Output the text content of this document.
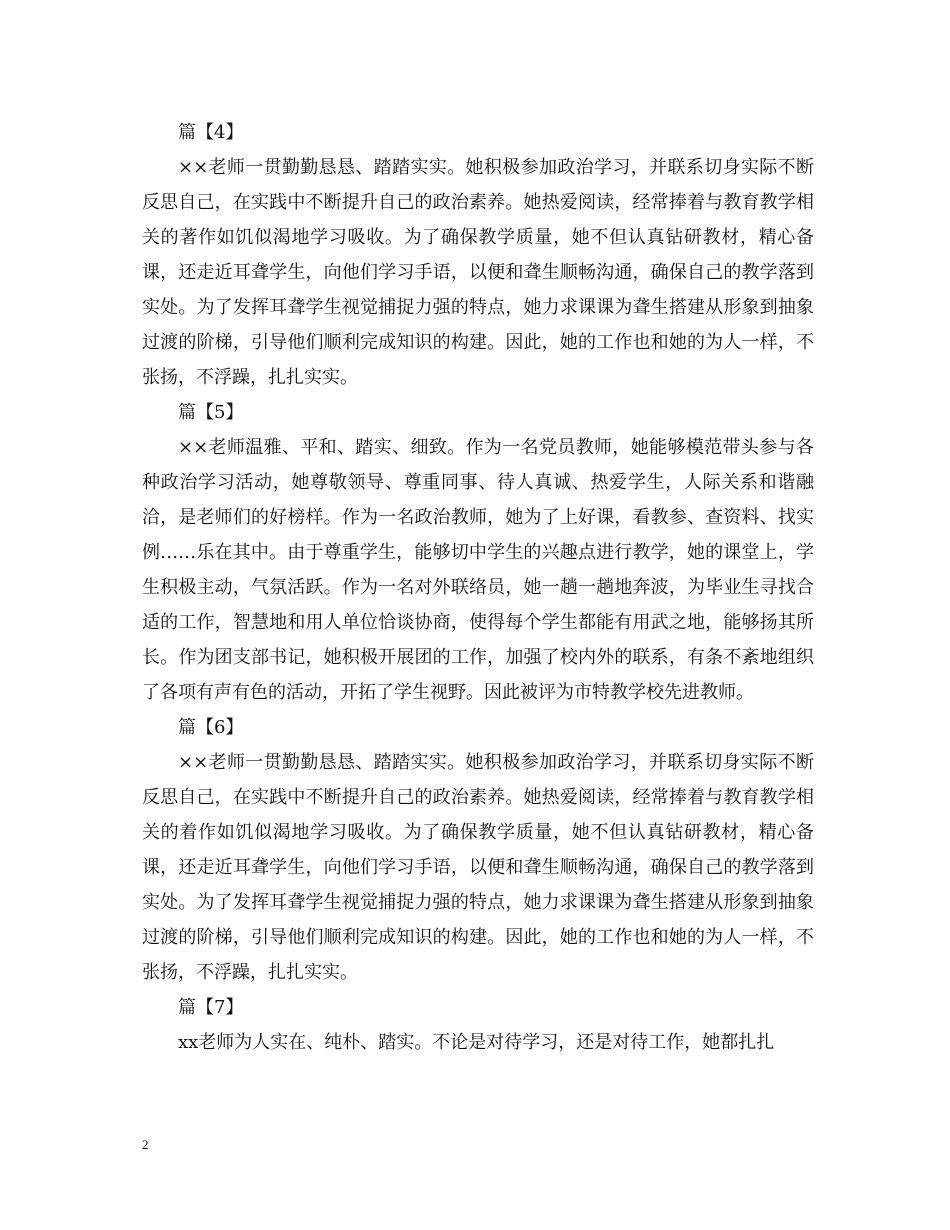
篇【4】

××老师一贯勤勤恳恳、踏踏实实。她积极参加政治学习，并联系切身实际不断反思自己，在实践中不断提升自己的政治素养。她热爱阅读，经常捧着与教育教学相关的著作如饥似渴地学习吸收。为了确保教学质量，她不但认真钻研教材，精心备课，还走近耳聋学生，向他们学习手语，以便和聋生顺畅沟通，确保自己的教学落到实处。为了发挥耳聋学生视觉捕捉力强的特点，她力求课课为聋生搭建从形象到抽象过渡的阶梯，引导他们顺利完成知识的构建。因此，她的工作也和她的为人一样，不张扬，不浮躁，扎扎实实。

篇【5】

××老师温雅、平和、踏实、细致。作为一名党员教师，她能够模范带头参与各种政治学习活动，她尊敬领导、尊重同事、待人真诚、热爱学生，人际关系和谐融洽，是老师们的好榜样。作为一名政治教师，她为了上好课，看教参、查资料、找实例……乐在其中。由于尊重学生，能够切中学生的兴趣点进行教学，她的课堂上，学生积极主动，气氛活跃。作为一名对外联络员，她一趟一趟地奔波，为毕业生寻找合适的工作，智慧地和用人单位恰谈协商，使得每个学生都能有用武之地，能够扬其所长。作为团支部书记，她积极开展团的工作，加强了校内外的联系，有条不紊地组织了各项有声有色的活动，开拓了学生视野。因此被评为市特教学校先进教师。

篇【6】

××老师一贯勤勤恳恳、踏踏实实。她积极参加政治学习，并联系切身实际不断反思自己，在实践中不断提升自己的政治素养。她热爱阅读，经常捧着与教育教学相关的着作如饥似渴地学习吸收。为了确保教学质量，她不但认真钻研教材，精心备课，还走近耳聋学生，向他们学习手语，以便和聋生顺畅沟通，确保自己的教学落到实处。为了发挥耳聋学生视觉捕捉力强的特点，她力求课课为聋生搭建从形象到抽象过渡的阶梯，引导他们顺利完成知识的构建。因此，她的工作也和她的为人一样，不张扬，不浮躁，扎扎实实。

篇【7】

xx老师为人实在、纯朴、踏实。不论是对待学习，还是对待工作，她都扎扎

2
